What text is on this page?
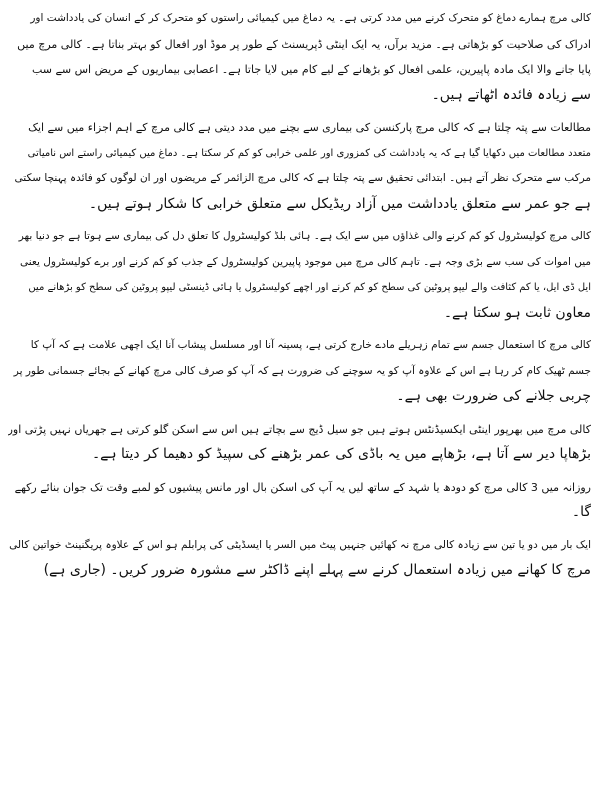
کالی مرچ ہمارے دماغ کو متحرک کرنے میں مدد کرتی ہے۔ یہ دماغ میں کیمیائی راستوں کو متحرک کر کے انسان کی یادداشت اور
ادراک کی صلاحیت کو بڑھاتی ہے۔ مزید برآں، یہ ایک اینٹی ڈپریسنٹ کے طور پر موڈ اور افعال کو بہتر بناتا ہے۔ کالی مرچ میں
پایا جانے والا ایک مادہ پاپیرین، علمی افعال کو بڑھانے کے لیے کام میں لایا جاتا ہے۔ اعصابی بیماریوں کے مریض اس سے سب
سے زیادہ فائدہ اٹھاتے ہیں۔
مطالعات سے پتہ چلتا ہے کہ کالی مرچ پارکنسن کی بیماری سے بچنے میں مدد دیتی ہے کالی مرچ کے اہم اجزاء میں سے ایک
متعدد مطالعات میں دکھایا گیا ہے کہ یہ یادداشت کی کمزوری اور علمی خرابی کو کم کر سکتا ہے۔ دماغ میں کیمیائی راستے اس نامیاتی
مرکب سے متحرک نظر آتے ہیں۔ ابتدائی تحقیق سے پتہ چلتا ہے کہ کالی مرچ الزائمر کے مریضوں اور ان لوگوں کو فائدہ پہنچا سکتی
ہے جو عمر سے متعلق یادداشت میں آزاد ریڈیکل سے متعلق خرابی کا شکار ہوتے ہیں۔
کالی مرچ کولیسٹرول کو کم کرنے والی غذاؤں میں سے ایک ہے۔ ہائی بلڈ کولیسٹرول کا تعلق دل کی بیماری سے ہوتا ہے جو دنیا بھر
میں اموات کی سب سے بڑی وجہ ہے۔ تاہم کالی مرچ میں موجود پاپیرین کولیسٹرول کے جذب کو کم کرنے اور برے کولیسٹرول یعنی
ایل ڈی ایل، یا کم کثافت والے لیپو پروٹین کی سطح کو کم کرنے اور اچھے کولیسٹرول یا ہائی ڈینسٹی لیپو پروٹین کی سطح کو بڑھانے میں
معاون ثابت ہو سکتا ہے۔
کالی مرچ کا استعمال جسم سے تمام زہریلے مادے خارج کرتی ہے، پسینہ آنا اور مسلسل پیشاب آنا ایک اچھی علامت ہے کہ آپ کا
جسم ٹھیک کام کر رہا ہے اس کے علاوہ آپ کو یہ سوچنے کی ضرورت ہے کہ آپ کو صرف کالی مرچ کھانے کے بجائے جسمانی طور پر
چربی جلانے کی ضرورت بھی ہے۔
کالی مرچ میں بھرپور اینٹی ایکسیڈنٹس ہوتے ہیں جو سیل ڈیج سے بچاتے ہیں اس سے اسکن گلو کرتی ہے جھریاں نہیں پڑتی اور
بڑھاپا دیر سے آتا ہے، بڑھاپے میں یہ باڈی کی عمر بڑھنے کی سپیڈ کو دھیما کر دیتا ہے۔
روزانہ میں 3 کالی مرچ کو دودھ یا شہد کے ساتھ لیں یہ آپ کی اسکن بال اور مانس پیشیوں کو لمبے وقت تک جوان بنائے رکھے
گا۔
ایک بار میں دو یا تین سے زیادہ کالی مرچ نہ کھائیں جنہیں پیٹ میں السر یا ایسڈیٹی کی پرابلم ہو اس کے علاوہ پریگنینٹ خواتین کالی
مرچ کا کھانے میں زیادہ استعمال کرنے سے پہلے اپنے ڈاکٹر سے مشورہ ضرور کریں۔ (جاری ہے)
